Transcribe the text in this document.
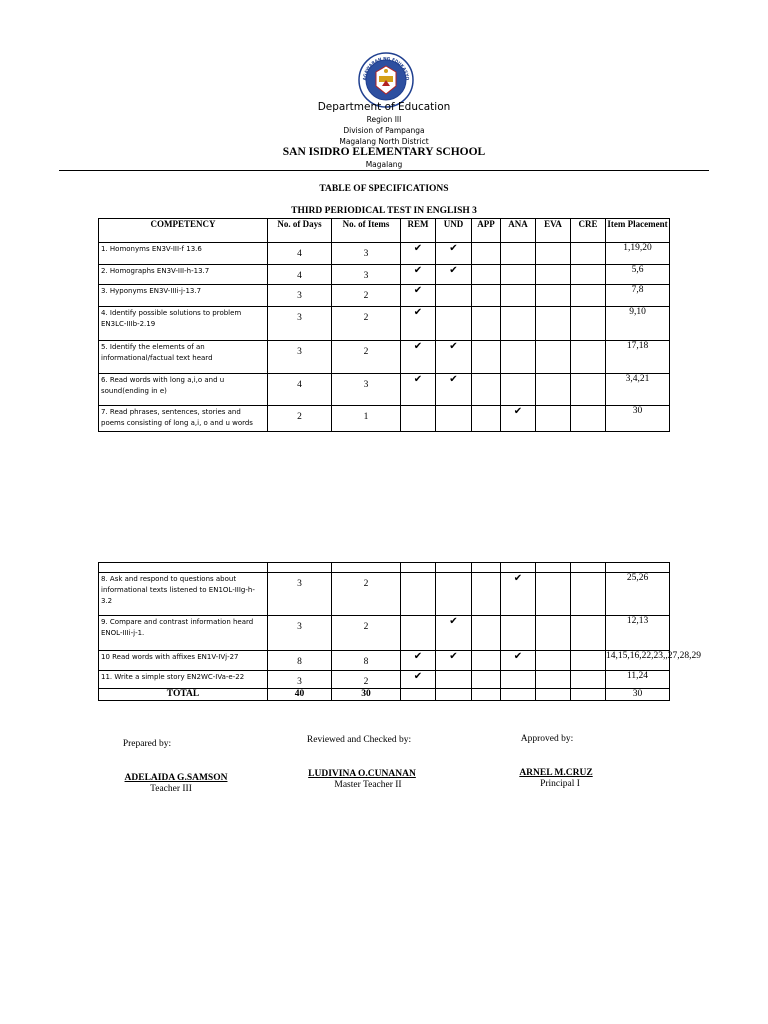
AGAWARAN NG EDUKASYO
Department of Education
Region III
Division of Pampanga
Magalang North District
SAN ISIDRO ELEMENTARY SCHOOL
Magalang
TABLE OF SPECIFICATIONS
THIRD PERIODICAL TEST IN ENGLISH 3
COMPETENCY	No. of Days	No. of Items	REM	UND	APP	ANA	EVA	CRE	Item Placement
1. Homonyms EN3V-III-f 13.6	4	3	✔	✔					1,19,20
2. Homographs EN3V-III-h-13.7	4	3	✔	✔					5,6
3. Hyponyms EN3V-IIIi-j-13.7	3	2	✔						7,8
4. Identify possible solutions to problem EN3LC-IIIb-2.19	3	2	✔						9,10
5. Identify the elements of an informational/factual text heard	3	2	✔	✔					17,18
6. Read words with long a,i,o and u sound(ending in e)	4	3	✔	✔					3,4,21
7. Read phrases, sentences, stories and poems consisting of long a,i, o and u words	2	1				✔			30

8. Ask and respond to questions about informational texts listened to EN1OL-IIIg-h-3.2	3	2				✔			25,26
9. Compare and contrast information heard ENOL-IIIi-j-1.	3	2		✔					12,13
10 Read words with affixes EN1V-IVj-27	8	8	✔	✔		✔			14,15,16,22,23,,27,28,29
11. Write a simple story EN2WC-IVa-e-22	3	2	✔						11,24
TOTAL	40	30							30
Prepared by:
ADELAIDA G.SAMSON
Teacher III
Reviewed and Checked by:
LUDIVINA O.CUNANAN
Master Teacher II
Approved by:
ARNEL M.CRUZ
Principal I
